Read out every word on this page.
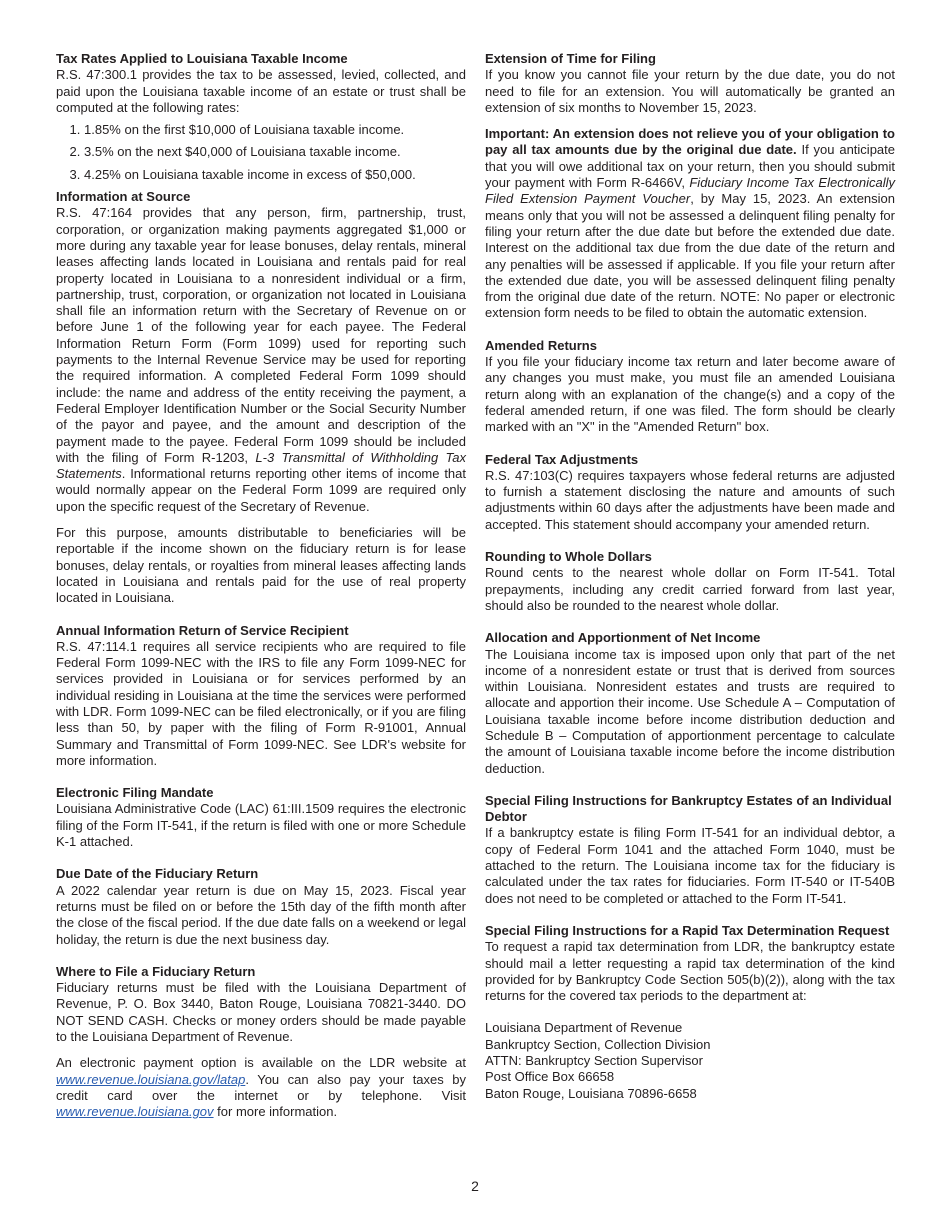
Tax Rates Applied to Louisiana Taxable Income

R.S. 47:300.1 provides the tax to be assessed, levied, collected, and paid upon the Louisiana taxable income of an estate or trust shall be computed at the following rates:

1. 1.85% on the first $10,000 of Louisiana taxable income.
2. 3.5% on the next $40,000 of Louisiana taxable income.
3. 4.25% on Louisiana taxable income in excess of $50,000.
Information at Source

R.S. 47:164 provides that any person, firm, partnership, trust, corporation, or organization making payments aggregated $1,000 or more during any taxable year for lease bonuses, delay rentals, mineral leases affecting lands located in Louisiana and rentals paid for real property located in Louisiana to a nonresident individual or a firm, partnership, trust, corporation, or organization not located in Louisiana shall file an information return with the Secretary of Revenue on or before June 1 of the following year for each payee. The Federal Information Return Form (Form 1099) used for reporting such payments to the Internal Revenue Service may be used for reporting the required information. A completed Federal Form 1099 should include: the name and address of the entity receiving the payment, a Federal Employer Identification Number or the Social Security Number of the payor and payee, and the amount and description of the payment made to the payee. Federal Form 1099 should be included with the filing of Form R-1203, L-3 Transmittal of Withholding Tax Statements. Informational returns reporting other items of income that would normally appear on the Federal Form 1099 are required only upon the specific request of the Secretary of Revenue.

For this purpose, amounts distributable to beneficiaries will be reportable if the income shown on the fiduciary return is for lease bonuses, delay rentals, or royalties from mineral leases affecting lands located in Louisiana and rentals paid for the use of real property located in Louisiana.

Annual Information Return of Service Recipient

R.S. 47:114.1 requires all service recipients who are required to file Federal Form 1099-NEC with the IRS to file any Form 1099-NEC for services provided in Louisiana or for services performed by an individual residing in Louisiana at the time the services were performed with LDR. Form 1099-NEC can be filed electronically, or if you are filing less than 50, by paper with the filing of Form R-91001, Annual Summary and Transmittal of Form 1099-NEC. See LDR's website for more information.

Electronic Filing Mandate

Louisiana Administrative Code (LAC) 61:III.1509 requires the electronic filing of the Form IT-541, if the return is filed with one or more Schedule K-1 attached.

Due Date of the Fiduciary Return

A 2022 calendar year return is due on May 15, 2023. Fiscal year returns must be filed on or before the 15th day of the fifth month after the close of the fiscal period. If the due date falls on a weekend or legal holiday, the return is due the next business day.

Where to File a Fiduciary Return

Fiduciary returns must be filed with the Louisiana Department of Revenue, P. O. Box 3440, Baton Rouge, Louisiana 70821-3440. DO NOT SEND CASH. Checks or money orders should be made payable to the Louisiana Department of Revenue.

An electronic payment option is available on the LDR website at www.revenue.louisiana.gov/latap. You can also pay your taxes by credit card over the internet or by telephone. Visit www.revenue.louisiana.gov for more information.

Extension of Time for Filing

If you know you cannot file your return by the due date, you do not need to file for an extension. You will automatically be granted an extension of six months to November 15, 2023.

Important: An extension does not relieve you of your obligation to pay all tax amounts due by the original due date. If you anticipate that you will owe additional tax on your return, then you should submit your payment with Form R-6466V, Fiduciary Income Tax Electronically Filed Extension Payment Voucher, by May 15, 2023. An extension means only that you will not be assessed a delinquent filing penalty for filing your return after the due date but before the extended due date. Interest on the additional tax due from the due date of the return and any penalties will be assessed if applicable. If you file your return after the extended due date, you will be assessed delinquent filing penalty from the original due date of the return. NOTE: No paper or electronic extension form needs to be filed to obtain the automatic extension.

Amended Returns

If you file your fiduciary income tax return and later become aware of any changes you must make, you must file an amended Louisiana return along with an explanation of the change(s) and a copy of the federal amended return, if one was filed. The form should be clearly marked with an "X" in the "Amended Return" box.

Federal Tax Adjustments

R.S. 47:103(C) requires taxpayers whose federal returns are adjusted to furnish a statement disclosing the nature and amounts of such adjustments within 60 days after the adjustments have been made and accepted. This statement should accompany your amended return.

Rounding to Whole Dollars

Round cents to the nearest whole dollar on Form IT-541. Total prepayments, including any credit carried forward from last year, should also be rounded to the nearest whole dollar.

Allocation and Apportionment of Net Income

The Louisiana income tax is imposed upon only that part of the net income of a nonresident estate or trust that is derived from sources within Louisiana. Nonresident estates and trusts are required to allocate and apportion their income. Use Schedule A – Computation of Louisiana taxable income before income distribution deduction and Schedule B – Computation of apportionment percentage to calculate the amount of Louisiana taxable income before the income distribution deduction.

Special Filing Instructions for Bankruptcy Estates of an Individual Debtor

If a bankruptcy estate is filing Form IT-541 for an individual debtor, a copy of Federal Form 1041 and the attached Form 1040, must be attached to the return. The Louisiana income tax for the fiduciary is calculated under the tax rates for fiduciaries. Form IT-540 or IT-540B does not need to be completed or attached to the Form IT-541.

Special Filing Instructions for a Rapid Tax Determination Request

To request a rapid tax determination from LDR, the bankruptcy estate should mail a letter requesting a rapid tax determination of the kind provided for by Bankruptcy Code Section 505(b)(2)), along with the tax returns for the covered tax periods to the department at:

Louisiana Department of Revenue

Bankruptcy Section, Collection Division

ATTN: Bankruptcy Section Supervisor

Post Office Box 66658

Baton Rouge, Louisiana 70896-6658

2
